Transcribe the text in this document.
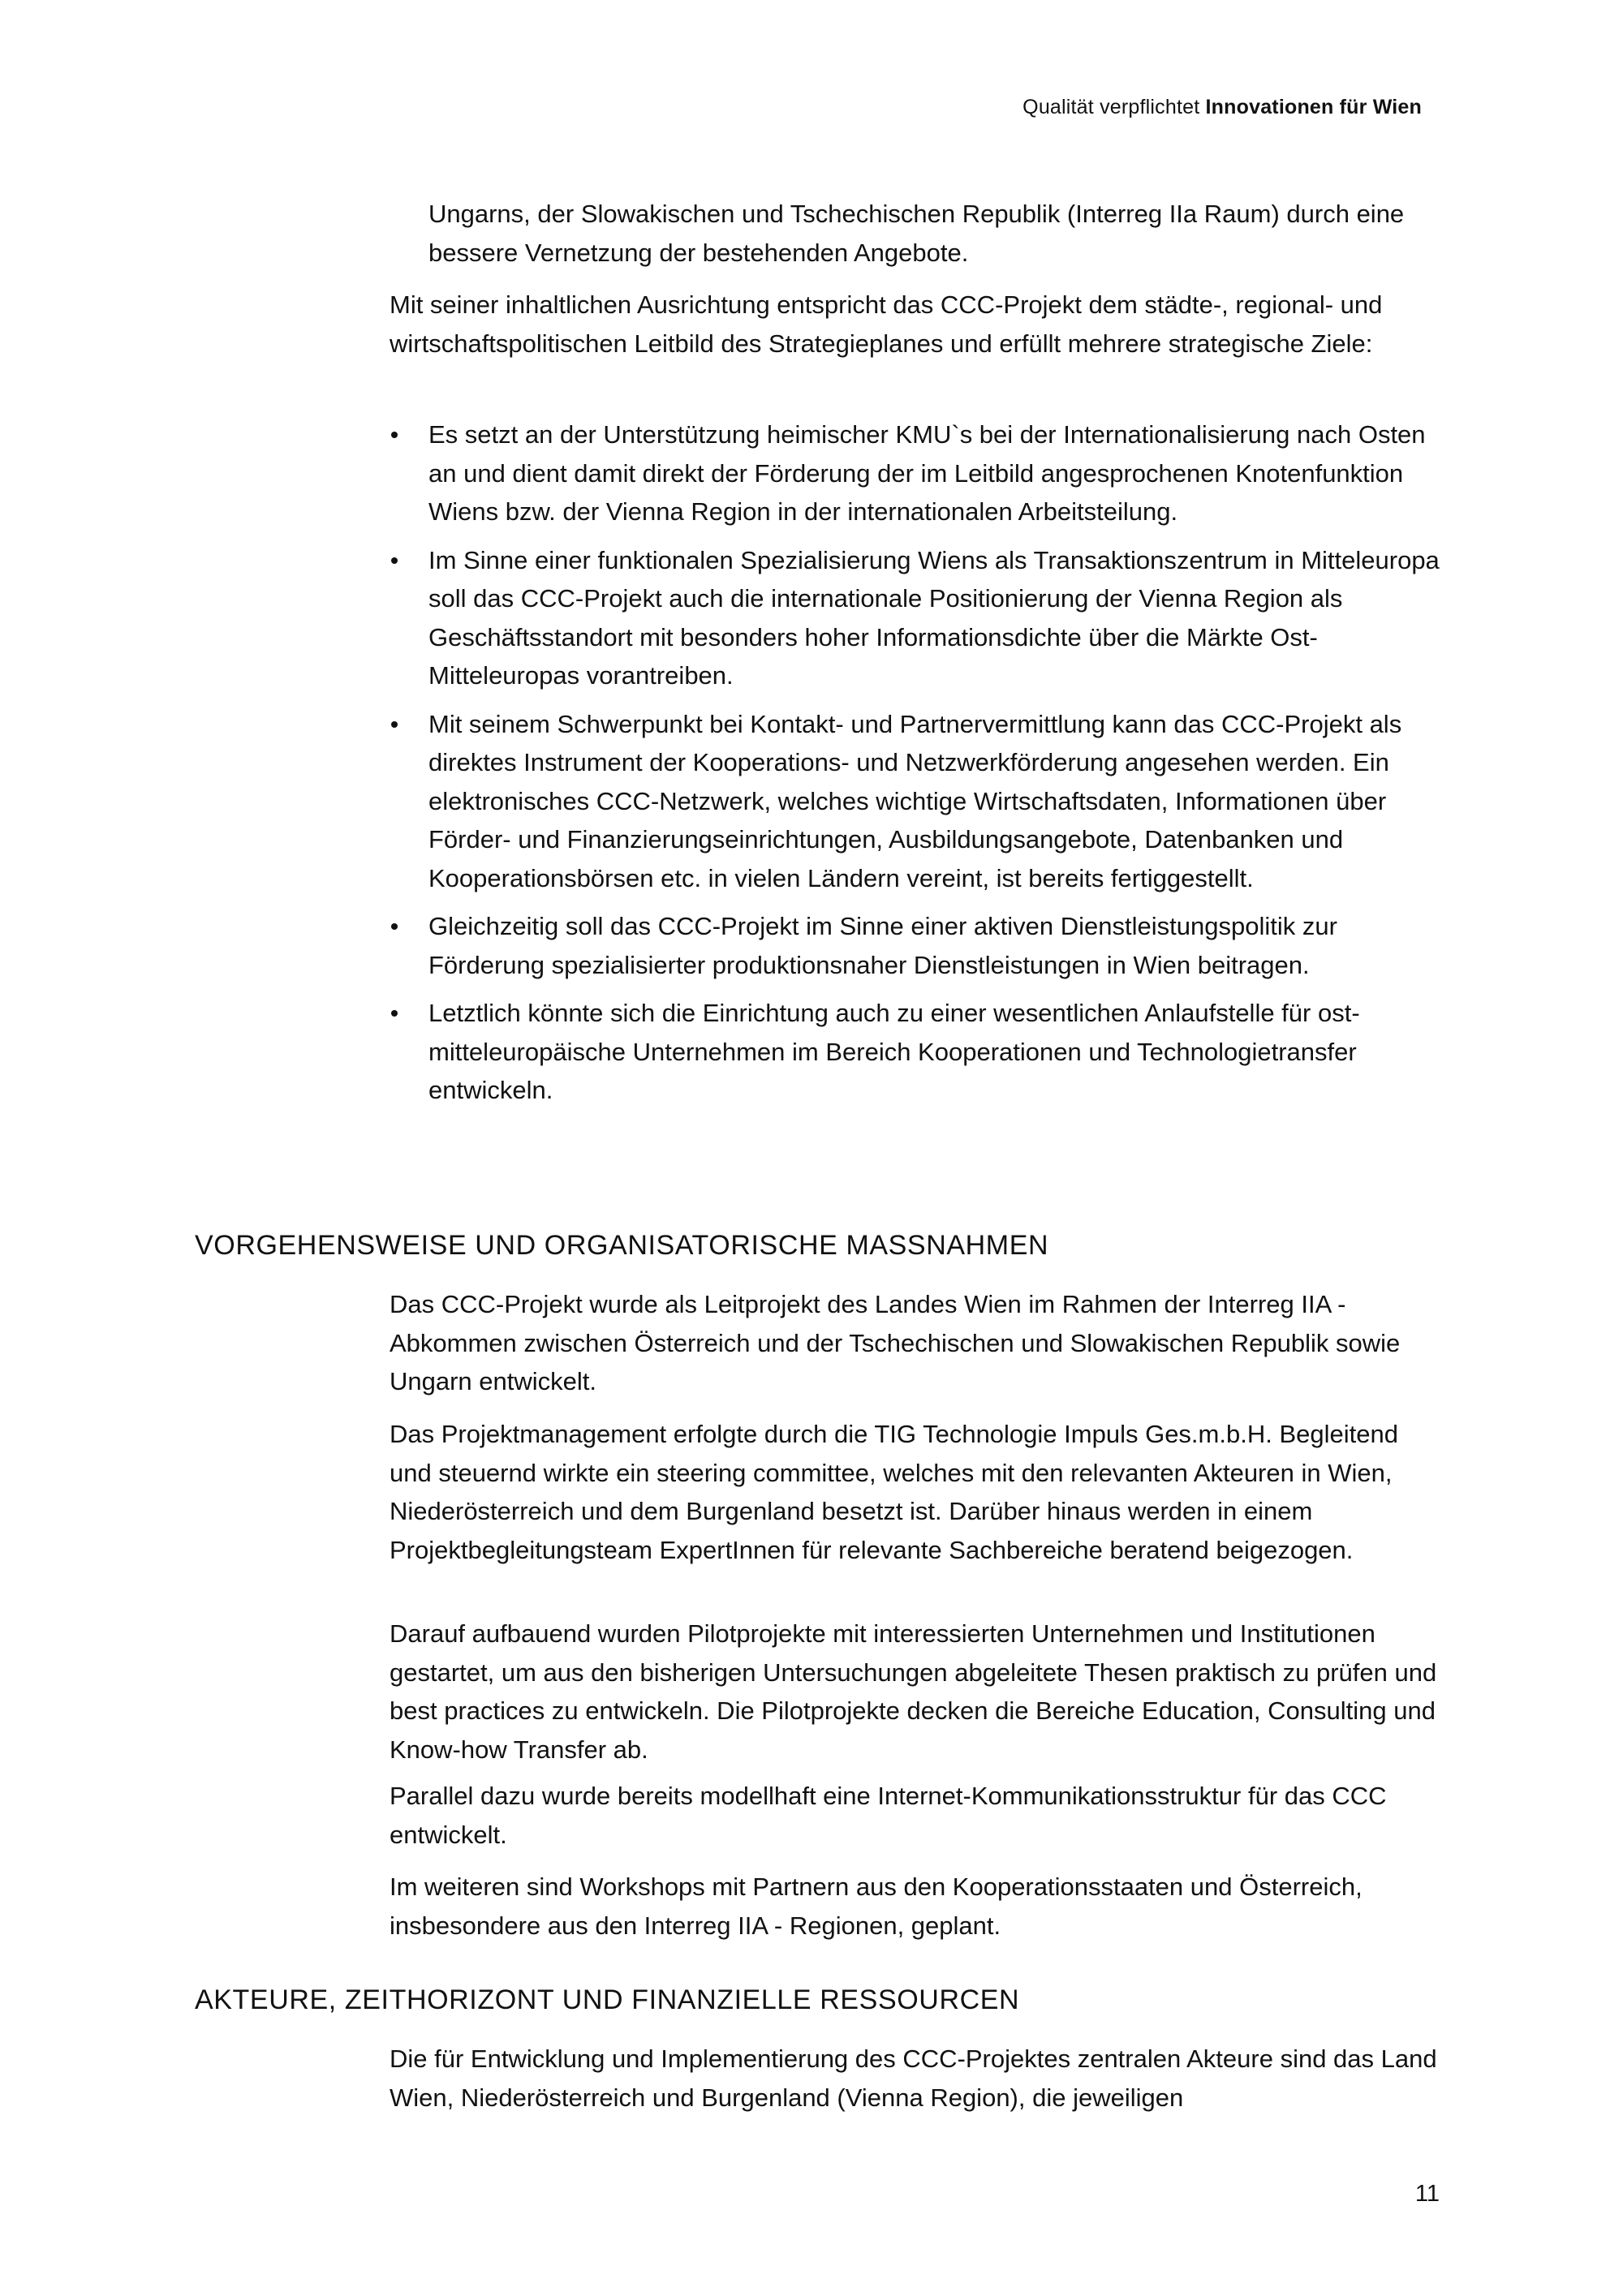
Qualität verpflichtet Innovationen für Wien

Ungarns, der Slowakischen und Tschechischen Republik (Interreg IIa Raum) durch eine bessere Vernetzung der bestehenden Angebote.

Mit seiner inhaltlichen Ausrichtung entspricht das CCC-Projekt dem städte-, regional- und wirtschaftspolitischen Leitbild des Strategieplanes und erfüllt mehrere strategische Ziele:

Es setzt an der Unterstützung heimischer KMU`s bei der Internationalisierung nach Osten an und dient damit direkt der Förderung der im Leitbild angesprochenen Knotenfunktion Wiens bzw. der Vienna Region in der internationalen Arbeitsteilung.
Im Sinne einer funktionalen Spezialisierung Wiens als Transaktionszentrum in Mitteleuropa soll das CCC-Projekt auch die internationale Positionierung der Vienna Region als Geschäftsstandort mit besonders hoher Informationsdichte über die Märkte Ost-Mitteleuropas vorantreiben.
Mit seinem Schwerpunkt bei Kontakt- und Partnervermittlung kann das CCC-Projekt als direktes Instrument der Kooperations- und Netzwerkförderung angesehen werden. Ein elektronisches CCC-Netzwerk, welches wichtige Wirtschaftsdaten, Informationen über Förder- und Finanzierungseinrichtungen, Ausbildungsangebote, Datenbanken und Kooperationsbörsen etc. in vielen Ländern vereint, ist bereits fertiggestellt.
Gleichzeitig soll das CCC-Projekt im Sinne einer aktiven Dienstleistungspolitik zur Förderung spezialisierter produktionsnaher Dienstleistungen in Wien beitragen.
Letztlich könnte sich die Einrichtung auch zu einer wesentlichen Anlaufstelle für ost-mitteleuropäische Unternehmen im Bereich Kooperationen und Technologietransfer entwickeln.
VORGEHENSWEISE UND ORGANISATORISCHE MASSNAHMEN

Das CCC-Projekt wurde als Leitprojekt des Landes Wien im Rahmen der Interreg IIA - Abkommen zwischen Österreich und der Tschechischen und Slowakischen Republik sowie Ungarn entwickelt.

Das Projektmanagement erfolgte durch die TIG Technologie Impuls Ges.m.b.H. Begleitend und steuernd wirkte ein steering committee, welches mit den relevanten Akteuren in Wien, Niederösterreich und dem Burgenland besetzt ist. Darüber hinaus werden in einem Projektbegleitungsteam ExpertInnen für relevante Sachbereiche beratend beigezogen.

Darauf aufbauend wurden Pilotprojekte mit interessierten Unternehmen und Institutionen gestartet, um aus den bisherigen Untersuchungen abgeleitete Thesen praktisch zu prüfen und best practices zu entwickeln. Die Pilotprojekte decken die Bereiche Education, Consulting und Know-how Transfer ab.

Parallel dazu wurde bereits modellhaft eine Internet-Kommunikationsstruktur für das CCC entwickelt.

Im weiteren sind Workshops mit Partnern aus den Kooperationsstaaten und Österreich, insbesondere aus den Interreg IIA - Regionen, geplant.

AKTEURE, ZEITHORIZONT UND FINANZIELLE RESSOURCEN

Die für Entwicklung und Implementierung des CCC-Projektes zentralen Akteure sind das Land Wien, Niederösterreich und Burgenland (Vienna Region), die jeweiligen

11
